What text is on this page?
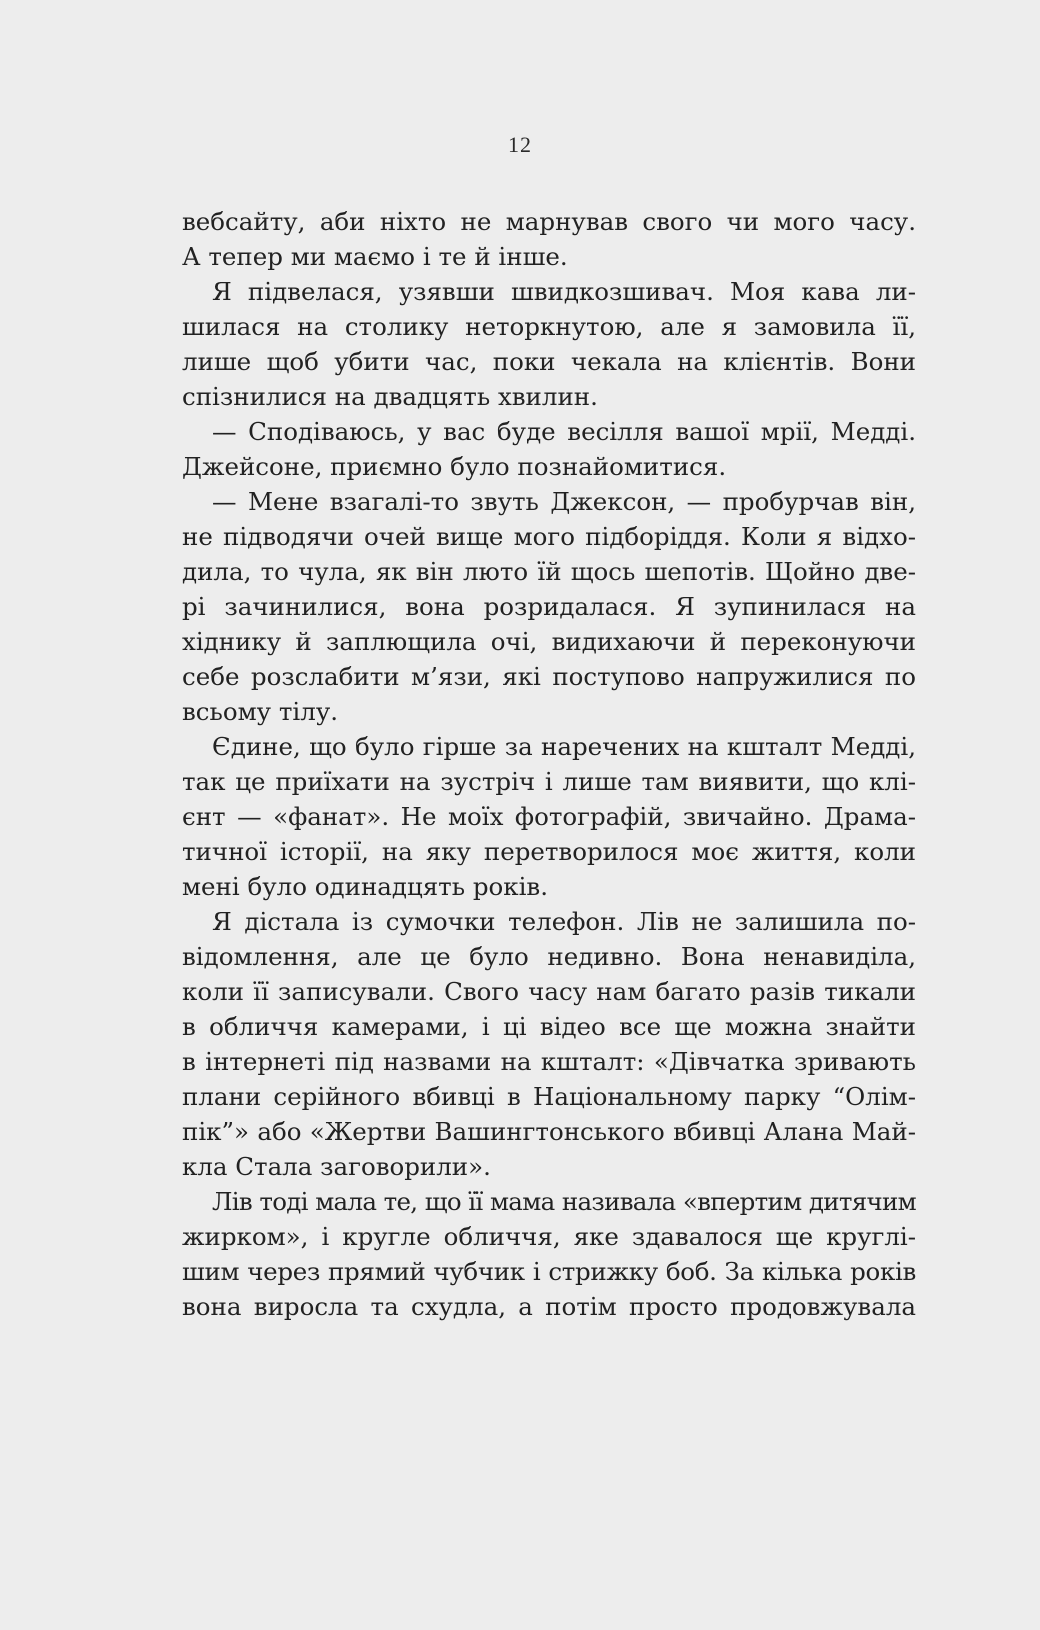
12
вебсайту, аби ніхто не марнував свого чи мого часу.
А тепер ми маємо і те й інше.
Я підвелася, узявши швидкозшивач. Моя кава ли-
шилася на столику неторкнутою, але я замовила її,
лише щоб убити час, поки чекала на клієнтів. Вони
спізнилися на двадцять хвилин.
— Сподіваюсь, у вас буде весілля вашої мрії, Медді.
Джейсоне, приємно було познайомитися.
— Мене взагалі-то звуть Джексон, — пробурчав він,
не підводячи очей вище мого підборіддя. Коли я відхо-
дила, то чула, як він люто їй щось шепотів. Щойно две-
рі зачинилися, вона розридалася. Я зупинилася на
хіднику й заплющила очі, видихаючи й переконуючи
себе розслабити м’язи, які поступово напружилися по
всьому тілу.
Єдине, що було гірше за наречених на кшталт Медді,
так це приїхати на зустріч і лише там виявити, що клі-
єнт — «фанат». Не моїх фотографій, звичайно. Драма-
тичної історії, на яку перетворилося моє життя, коли
мені було одинадцять років.
Я дістала із сумочки телефон. Лів не залишила по-
відомлення, але це було недивно. Вона ненавиділа,
коли її записували. Свого часу нам багато разів тикали
в обличчя камерами, і ці відео все ще можна знайти
в інтернеті під назвами на кшталт: «Дівчатка зривають
плани серійного вбивці в Національному парку “Олім-
пік”» або «Жертви Вашингтонського вбивці Алана Май-
кла Стала заговорили».
Лів тоді мала те, що її мама називала «впертим дитячим
жирком», і кругле обличчя, яке здавалося ще круглі-
шим через прямий чубчик і стрижку боб. За кілька років
вона виросла та схудла, а потім просто продовжувала
